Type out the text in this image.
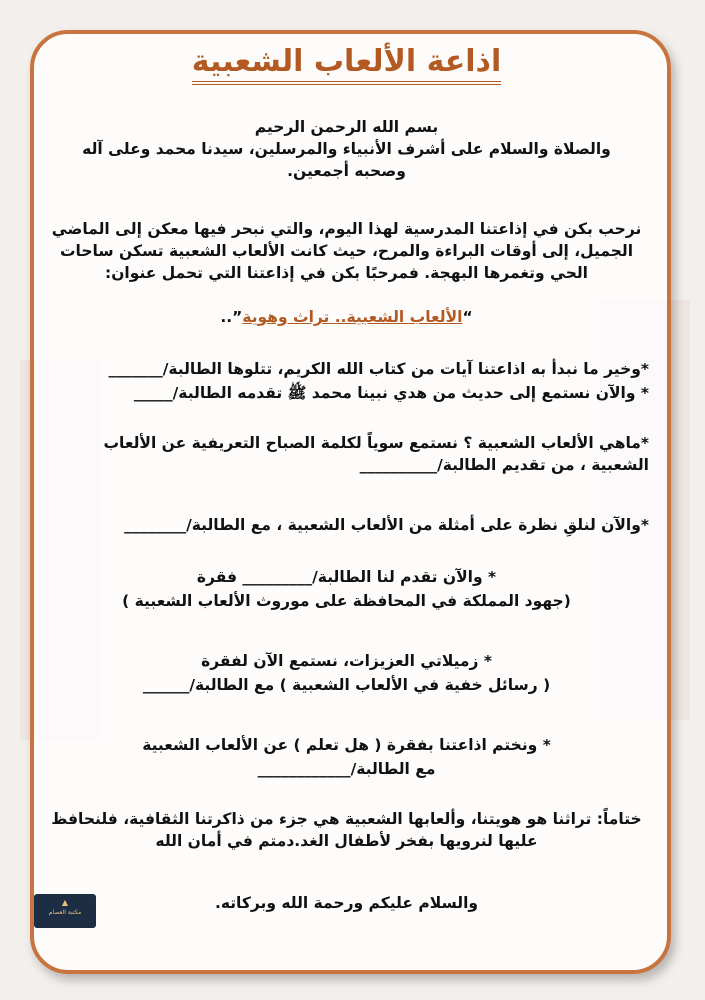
اذاعة الألعاب الشعبية
بسم الله الرحمن الرحيم
والصلاة والسلام على أشرف الأنبياء والمرسلين، سيدنا محمد وعلى آله وصحبه أجمعين.
نرحب بكن في إذاعتنا المدرسية لهذا اليوم، والتي نبحر فيها معكن إلى الماضي الجميل، إلى أوقات البراءة والمرح، حيث كانت الألعاب الشعبية تسكن ساحات الحي وتغمرها البهجة. فمرحبًا بكن في إذاعتنا التي تحمل عنوان:
“الألعاب الشعبية.. تراث وهوية”..
*وخير ما نبدأ به اذاعتنا آيات من كتاب الله الكريم، تتلوها الطالبة/_______
* والآن نستمع إلى حديث من هدي نبينا محمد ﷺ تقدمه الطالبة/_____
*ماهي الألعاب الشعبية ؟ نستمع سوياً لكلمة الصباح التعريفية عن الألعاب الشعبية ، من تقديم الطالبة/__________
*والآن لنلقِ نظرة على أمثلة من الألعاب الشعبية ، مع الطالبة/________
* والآن تقدم لنا الطالبة/_________ فقرة
(جهود المملكة في المحافظة على موروث الألعاب الشعبية )
* زميلاتي العزيزات، نستمع الآن لفقرة
( رسائل خفية في الألعاب الشعبية ) مع الطالبة/______
* ونختم اذاعتنا بفقرة ( هل تعلم ) عن الألعاب الشعبية
مع الطالبة/____________
ختاماً: تراثنا هو هويتنا، وألعابها الشعبية هي جزء من ذاكرتنا الثقافية، فلنحافظ عليها لنرويها بفخر لأطفال الغد.دمتم في أمان الله
والسلام عليكم ورحمة الله وبركاته.
▲
مكتبة العصام
